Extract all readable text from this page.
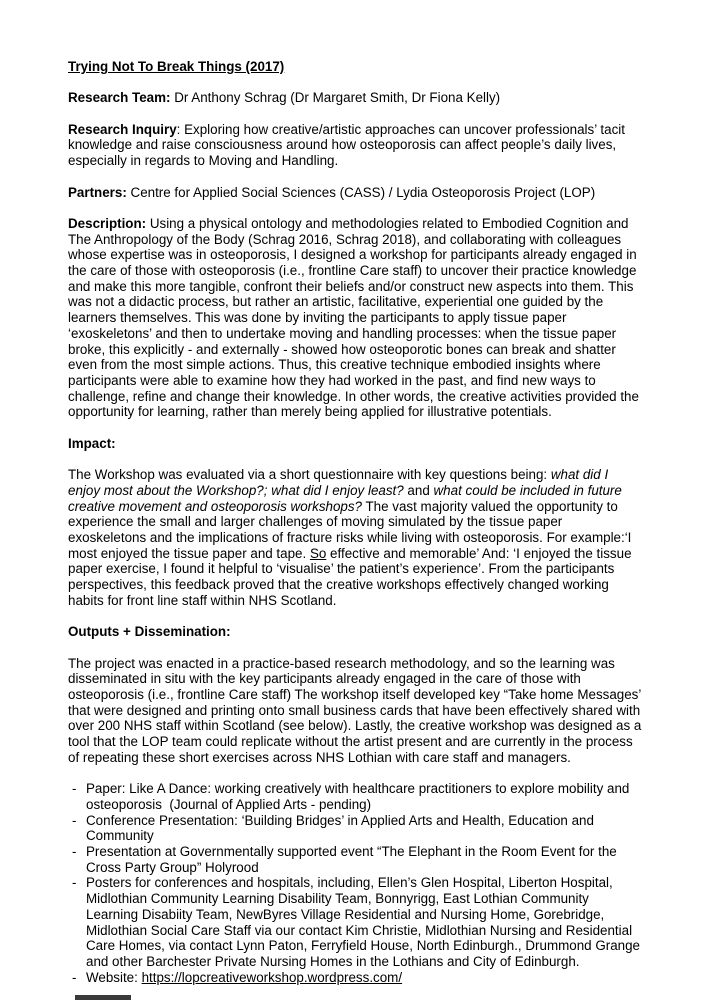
Trying Not To Break Things (2017)

Research Team: Dr Anthony Schrag (Dr Margaret Smith, Dr Fiona Kelly)

Research Inquiry: Exploring how creative/artistic approaches can uncover professionals’ tacit knowledge and raise consciousness around how osteoporosis can affect people’s daily lives, especially in regards to Moving and Handling.

Partners: Centre for Applied Social Sciences (CASS) / Lydia Osteoporosis Project (LOP)

Description: Using a physical ontology and methodologies related to Embodied Cognition and The Anthropology of the Body (Schrag 2016, Schrag 2018), and collaborating with colleagues whose expertise was in osteoporosis, I designed a workshop for participants already engaged in the care of those with osteoporosis (i.e., frontline Care staff) to uncover their practice knowledge and make this more tangible, confront their beliefs and/or construct new aspects into them. This was not a didactic process, but rather an artistic, facilitative, experiential one guided by the learners themselves. This was done by inviting the participants to apply tissue paper ‘exoskeletons’ and then to undertake moving and handling processes: when the tissue paper broke, this explicitly - and externally - showed how osteoporotic bones can break and shatter even from the most simple actions. Thus, this creative technique embodied insights where participants were able to examine how they had worked in the past, and find new ways to challenge, refine and change their knowledge. In other words, the creative activities provided the opportunity for learning, rather than merely being applied for illustrative potentials.

Impact:

The Workshop was evaluated via a short questionnaire with key questions being: what did I enjoy most about the Workshop?; what did I enjoy least? and what could be included in future creative movement and osteoporosis workshops? The vast majority valued the opportunity to experience the small and larger challenges of moving simulated by the tissue paper exoskeletons and the implications of fracture risks while living with osteoporosis. For example:‘I most enjoyed the tissue paper and tape. So effective and memorable’ And: ‘I enjoyed the tissue paper exercise, I found it helpful to ‘visualise’ the patient’s experience’. From the participants perspectives, this feedback proved that the creative workshops effectively changed working habits for front line staff within NHS Scotland.

Outputs + Dissemination:

The project was enacted in a practice-based research methodology, and so the learning was disseminated in situ with the key participants already engaged in the care of those with osteoporosis (i.e., frontline Care staff) The workshop itself developed key “Take home Messages’ that were designed and printing onto small business cards that have been effectively shared with over 200 NHS staff within Scotland (see below). Lastly, the creative workshop was designed as a tool that the LOP team could replicate without the artist present and are currently in the process of repeating these short exercises across NHS Lothian with care staff and managers.

- Paper: Like A Dance: working creatively with healthcare practitioners to explore mobility and osteoporosis  (Journal of Applied Arts - pending)
- Conference Presentation: ‘Building Bridges’ in Applied Arts and Health, Education and Community
- Presentation at Governmentally supported event “The Elephant in the Room Event for the Cross Party Group” Holyrood
- Posters for conferences and hospitals, including, Ellen’s Glen Hospital, Liberton Hospital, Midlothian Community Learning Disability Team, Bonnyrigg, East Lothian Community Learning Disabiity Team, NewByres Village Residential and Nursing Home, Gorebridge, Midlothian Social Care Staff via our contact Kim Christie, Midlothian Nursing and Residential Care Homes, via contact Lynn Paton, Ferryfield House, North Edinburgh., Drummond Grange and other Barchester Private Nursing Homes in the Lothians and City of Edinburgh.
- Website: https://lopcreativeworkshop.wordpress.com/
